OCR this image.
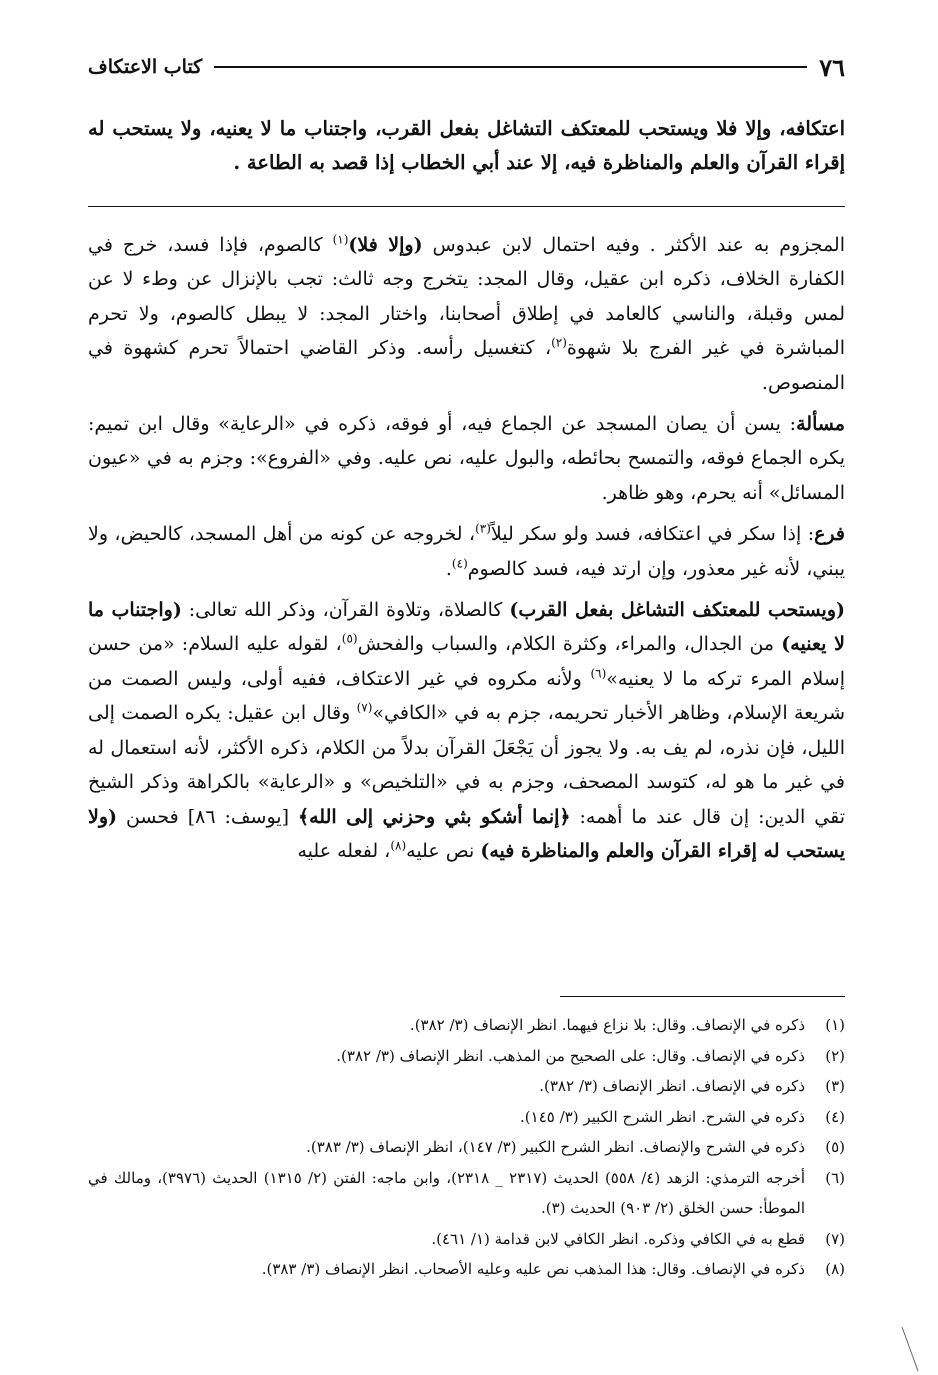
٧٦
كتاب الاعتكاف

اعتكافه، وإلا فلا ويستحب للمعتكف التشاغل بفعل القرب، واجتناب ما لا يعنيه، ولا يستحب له إقراء القرآن والعلم والمناظرة فيه، إلا عند أبي الخطاب إذا قصد به الطاعة .

المجزوم به عند الأكثر . وفيه احتمال لابن عبدوس (وإلا فلا)$^{(١)}$ كالصوم، فإذا فسد، خرج في الكفارة الخلاف، ذكره ابن عقيل، وقال المجد: يتخرج وجه ثالث: تجب بالإنزال عن وطء لا عن لمس وقبلة، والناسي كالعامد في إطلاق أصحابنا، واختار المجد: لا يبطل كالصوم، ولا تحرم المباشرة في غير الفرج بلا شهوة$^{(٢)}$، كتغسيل رأسه. وذكر القاضي احتمالاً تحرم كشهوة في المنصوص.

مسألة: يسن أن يصان المسجد عن الجماع فيه، أو فوقه، ذكره في «الرعاية» وقال ابن تميم: يكره الجماع فوقه، والتمسح بحائطه، والبول عليه، نص عليه. وفي «الفروع»: وجزم به في «عيون المسائل» أنه يحرم، وهو ظاهر.

فرع: إذا سكر في اعتكافه، فسد ولو سكر ليلاً$^{(٣)}$، لخروجه عن كونه من أهل المسجد، كالحيض، ولا يبني، لأنه غير معذور، وإن ارتد فيه، فسد كالصوم$^{(٤)}$.

(ويستحب للمعتكف التشاغل بفعل القرب) كالصلاة، وتلاوة القرآن، وذكر الله تعالى: (واجتناب ما لا يعنيه) من الجدال، والمراء، وكثرة الكلام، والسباب والفحش$^{(٥)}$، لقوله عليه السلام: «من حسن إسلام المرء تركه ما لا يعنيه»$^{(٦)}$ ولأنه مكروه في غير الاعتكاف، ففيه أولى، وليس الصمت من شريعة الإسلام، وظاهر الأخبار تحريمه، جزم به في «الكافي»$^{(٧)}$ وقال ابن عقيل: يكره الصمت إلى الليل، فإن نذره، لم يف به. ولا يجوز أن يَجْعَلَ القرآن بدلاً من الكلام، ذكره الأكثر، لأنه استعمال له في غير ما هو له، كتوسد المصحف، وجزم به في «التلخيص» و «الرعاية» بالكراهة وذكر الشيخ تقي الدين: إن قال عند ما أهمه: ﴿إنما أشكو بثي وحزني إلى الله﴾ [يوسف: ٨٦] فحسن (ولا يستحب له إقراء القرآن والعلم والمناظرة فيه) نص عليه$^{(٨)}$، لفعله عليه

(١)
ذكره في الإنصاف. وقال: بلا نزاع فيهما. انظر الإنصاف (٣/ ٣٨٢).
(٢)
ذكره في الإنصاف. وقال: على الصحيح من المذهب. انظر الإنصاف (٣/ ٣٨٢).
(٣)
ذكره في الإنصاف. انظر الإنصاف (٣/ ٣٨٢).
(٤)
ذكره في الشرح. انظر الشرح الكبير (٣/ ١٤٥).
(٥)
ذكره في الشرح والإنصاف. انظر الشرح الكبير (٣/ ١٤٧)، انظر الإنصاف (٣/ ٣٨٣).
(٦)
أخرجه الترمذي: الزهد (٤/ ٥٥٨) الحديث (٢٣١٧ _ ٢٣١٨)، وابن ماجه: الفتن (٢/ ١٣١٥) الحديث (٣٩٧٦)، ومالك في الموطأ: حسن الخلق (٢/ ٩٠٣) الحديث (٣).
(٧)
قطع به في الكافي وذكره. انظر الكافي لابن قدامة (١/ ٤٦١).
(٨)
ذكره في الإنصاف. وقال: هذا المذهب نص عليه وعليه الأصحاب. انظر الإنصاف (٣/ ٣٨٣).
